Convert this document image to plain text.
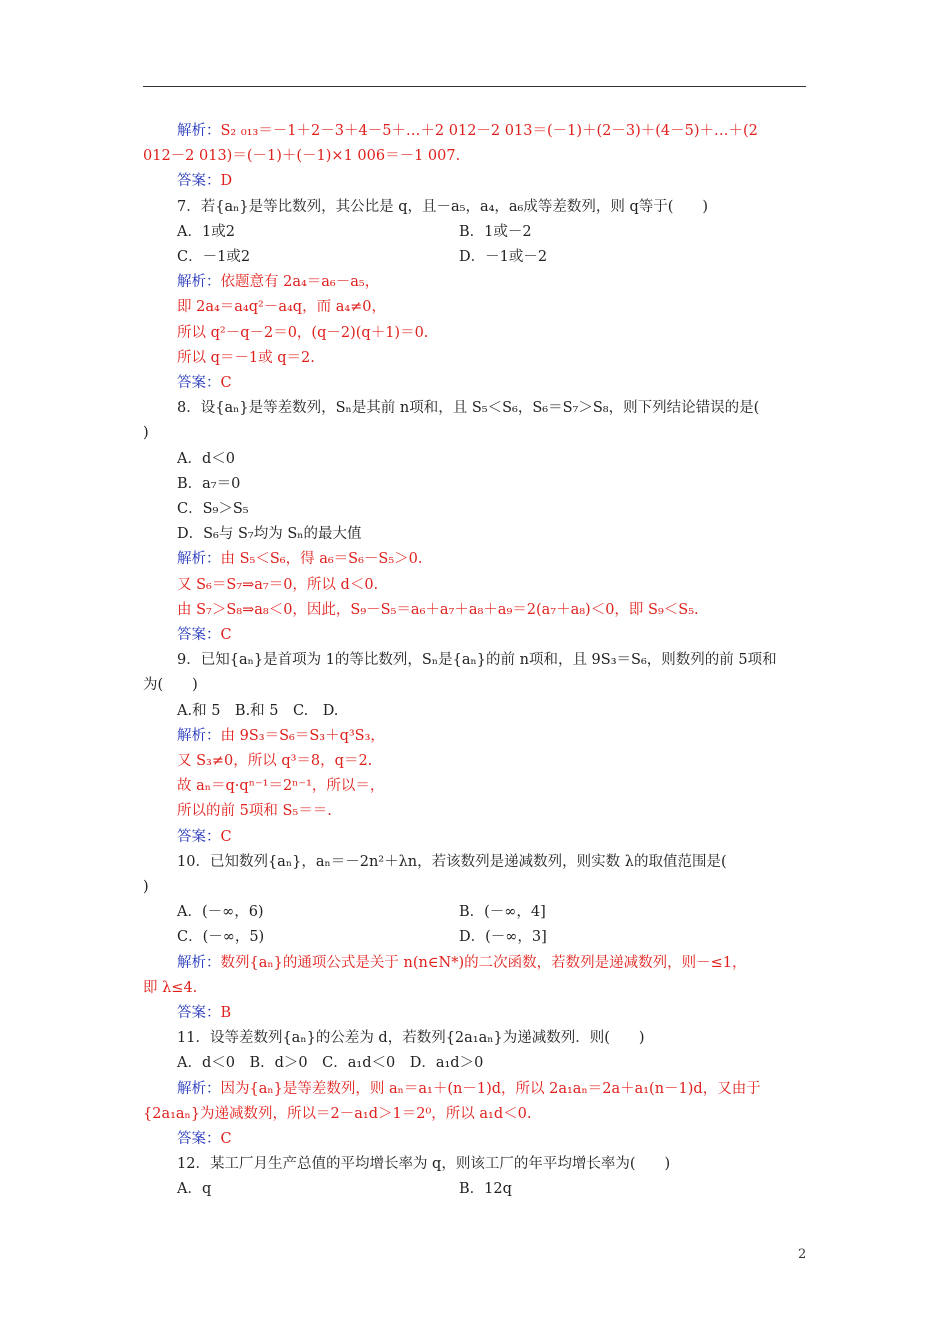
解析：S₂ ₀₁₃＝－1＋2－3＋4－5＋…＋2 012－2 013＝(－1)＋(2－3)＋(4－5)＋…＋(2
012－2 013)＝(－1)＋(－1)×1 006＝－1 007.
答案：D
7．若{aₙ}是等比数列，其公比是 q，且－a₅，a₄，a₆成等差数列，则 q等于(　　)
A．1或2	B．1或－2
C．－1或2	D．－1或－2
解析：依题意有 2a₄＝a₆－a₅，
即 2a₄＝a₄q²－a₄q，而 a₄≠0，
所以 q²－q－2＝0，(q－2)(q＋1)＝0.
所以 q＝－1或 q＝2.
答案：C
8．设{aₙ}是等差数列，Sₙ是其前 n项和，且 S₅＜S₆，S₆＝S₇＞S₈，则下列结论错误的是(
)
A．d＜0
B．a₇＝0
C．S₉＞S₅
D．S₆与 S₇均为 Sₙ的最大值
解析：由 S₅＜S₆，得 a₆＝S₆－S₅＞0.
又 S₆＝S₇⇒a₇＝0，所以 d＜0.
由 S₇＞S₈⇒a₈＜0，因此，S₉－S₅＝a₆＋a₇＋a₈＋a₉＝2(a₇＋a₈)＜0，即 S₉＜S₅.
答案：C
9．已知{aₙ}是首项为 1的等比数列，Sₙ是{aₙ}的前 n项和，且 9S₃＝S₆，则数列的前 5项和
为(　　)
A.和 5　B.和 5　C.　D.
解析：由 9S₃＝S₆＝S₃＋q³S₃，
又 S₃≠0，所以 q³＝8，q＝2.
故 aₙ＝q·qⁿ⁻¹＝2ⁿ⁻¹，所以＝，
所以的前 5项和 S₅＝＝.
答案：C
10．已知数列{aₙ}，aₙ＝－2n²＋λn，若该数列是递减数列，则实数 λ的取值范围是(
)
A．(－∞，6)	B．(－∞，4]
C．(－∞，5)	D．(－∞，3]
解析：数列{aₙ}的通项公式是关于 n(n∈N*)的二次函数，若数列是递减数列，则－≤1，
即 λ≤4.
答案：B
11．设等差数列{aₙ}的公差为 d，若数列{2a₁aₙ}为递减数列．则(　　)
A．d＜0　B．d＞0　C．a₁d＜0　D．a₁d＞0
解析：因为{aₙ}是等差数列，则 aₙ＝a₁＋(n－1)d，所以 2a₁aₙ＝2a＋a₁(n－1)d，又由于
{2a₁aₙ}为递减数列，所以＝2－a₁d＞1＝2⁰，所以 a₁d＜0.
答案：C
12．某工厂月生产总值的平均增长率为 q，则该工厂的年平均增长率为(　　)
A．q	B．12q
2
